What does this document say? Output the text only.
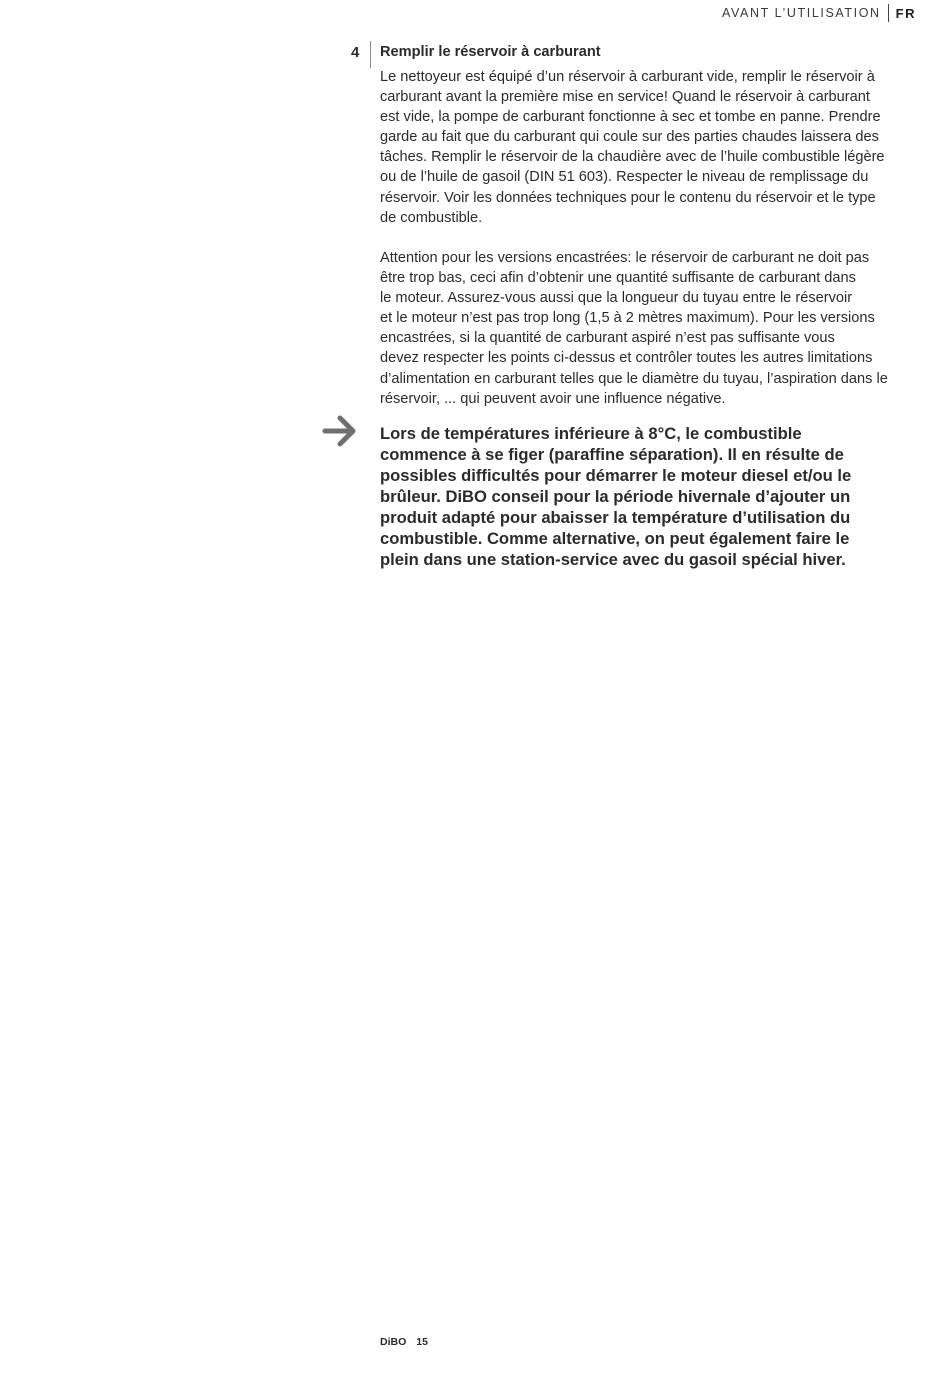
AVANT L’UTILISATION FR
4 Remplir le réservoir à carburant
Le nettoyeur est équipé d’un réservoir à carburant vide, remplir le réservoir à
carburant avant la première mise en service! Quand le réservoir à carburant
est vide, la pompe de carburant fonctionne à sec et tombe en panne. Prendre
garde au fait que du carburant qui coule sur des parties chaudes laissera des
tâches. Remplir le réservoir de la chaudière avec de l’huile combustible légère
ou de l’huile de gasoil (DIN 51 603). Respecter le niveau de remplissage du
réservoir. Voir les données techniques pour le contenu du réservoir et le type
de combustible.
Attention pour les versions encastrées: le réservoir de carburant ne doit pas
être trop bas, ceci afin d’obtenir une quantité suffisante de carburant dans
le moteur. Assurez-vous aussi que la longueur du tuyau entre le réservoir
et le moteur n’est pas trop long (1,5 à 2 mètres maximum). Pour les versions
encastrées, si la quantité de carburant aspiré n’est pas suffisante vous
devez respecter les points ci-dessus et contrôler toutes les autres limitations
d’alimentation en carburant telles que le diamètre du tuyau, l’aspiration dans le
réservoir, ... qui peuvent avoir une influence négative.
Lors de températures inférieure à 8°C, le combustible
commence à se figer (paraffine séparation). Il en résulte de
possibles difficultés pour démarrer le moteur diesel et/ou le
brûleur. DiBO conseil pour la période hivernale d’ajouter un
produit adapté pour abaisser la température d’utilisation du
combustible. Comme alternative, on peut également faire le
plein dans une station-service avec du gasoil spécial hiver.
DiBO 15
